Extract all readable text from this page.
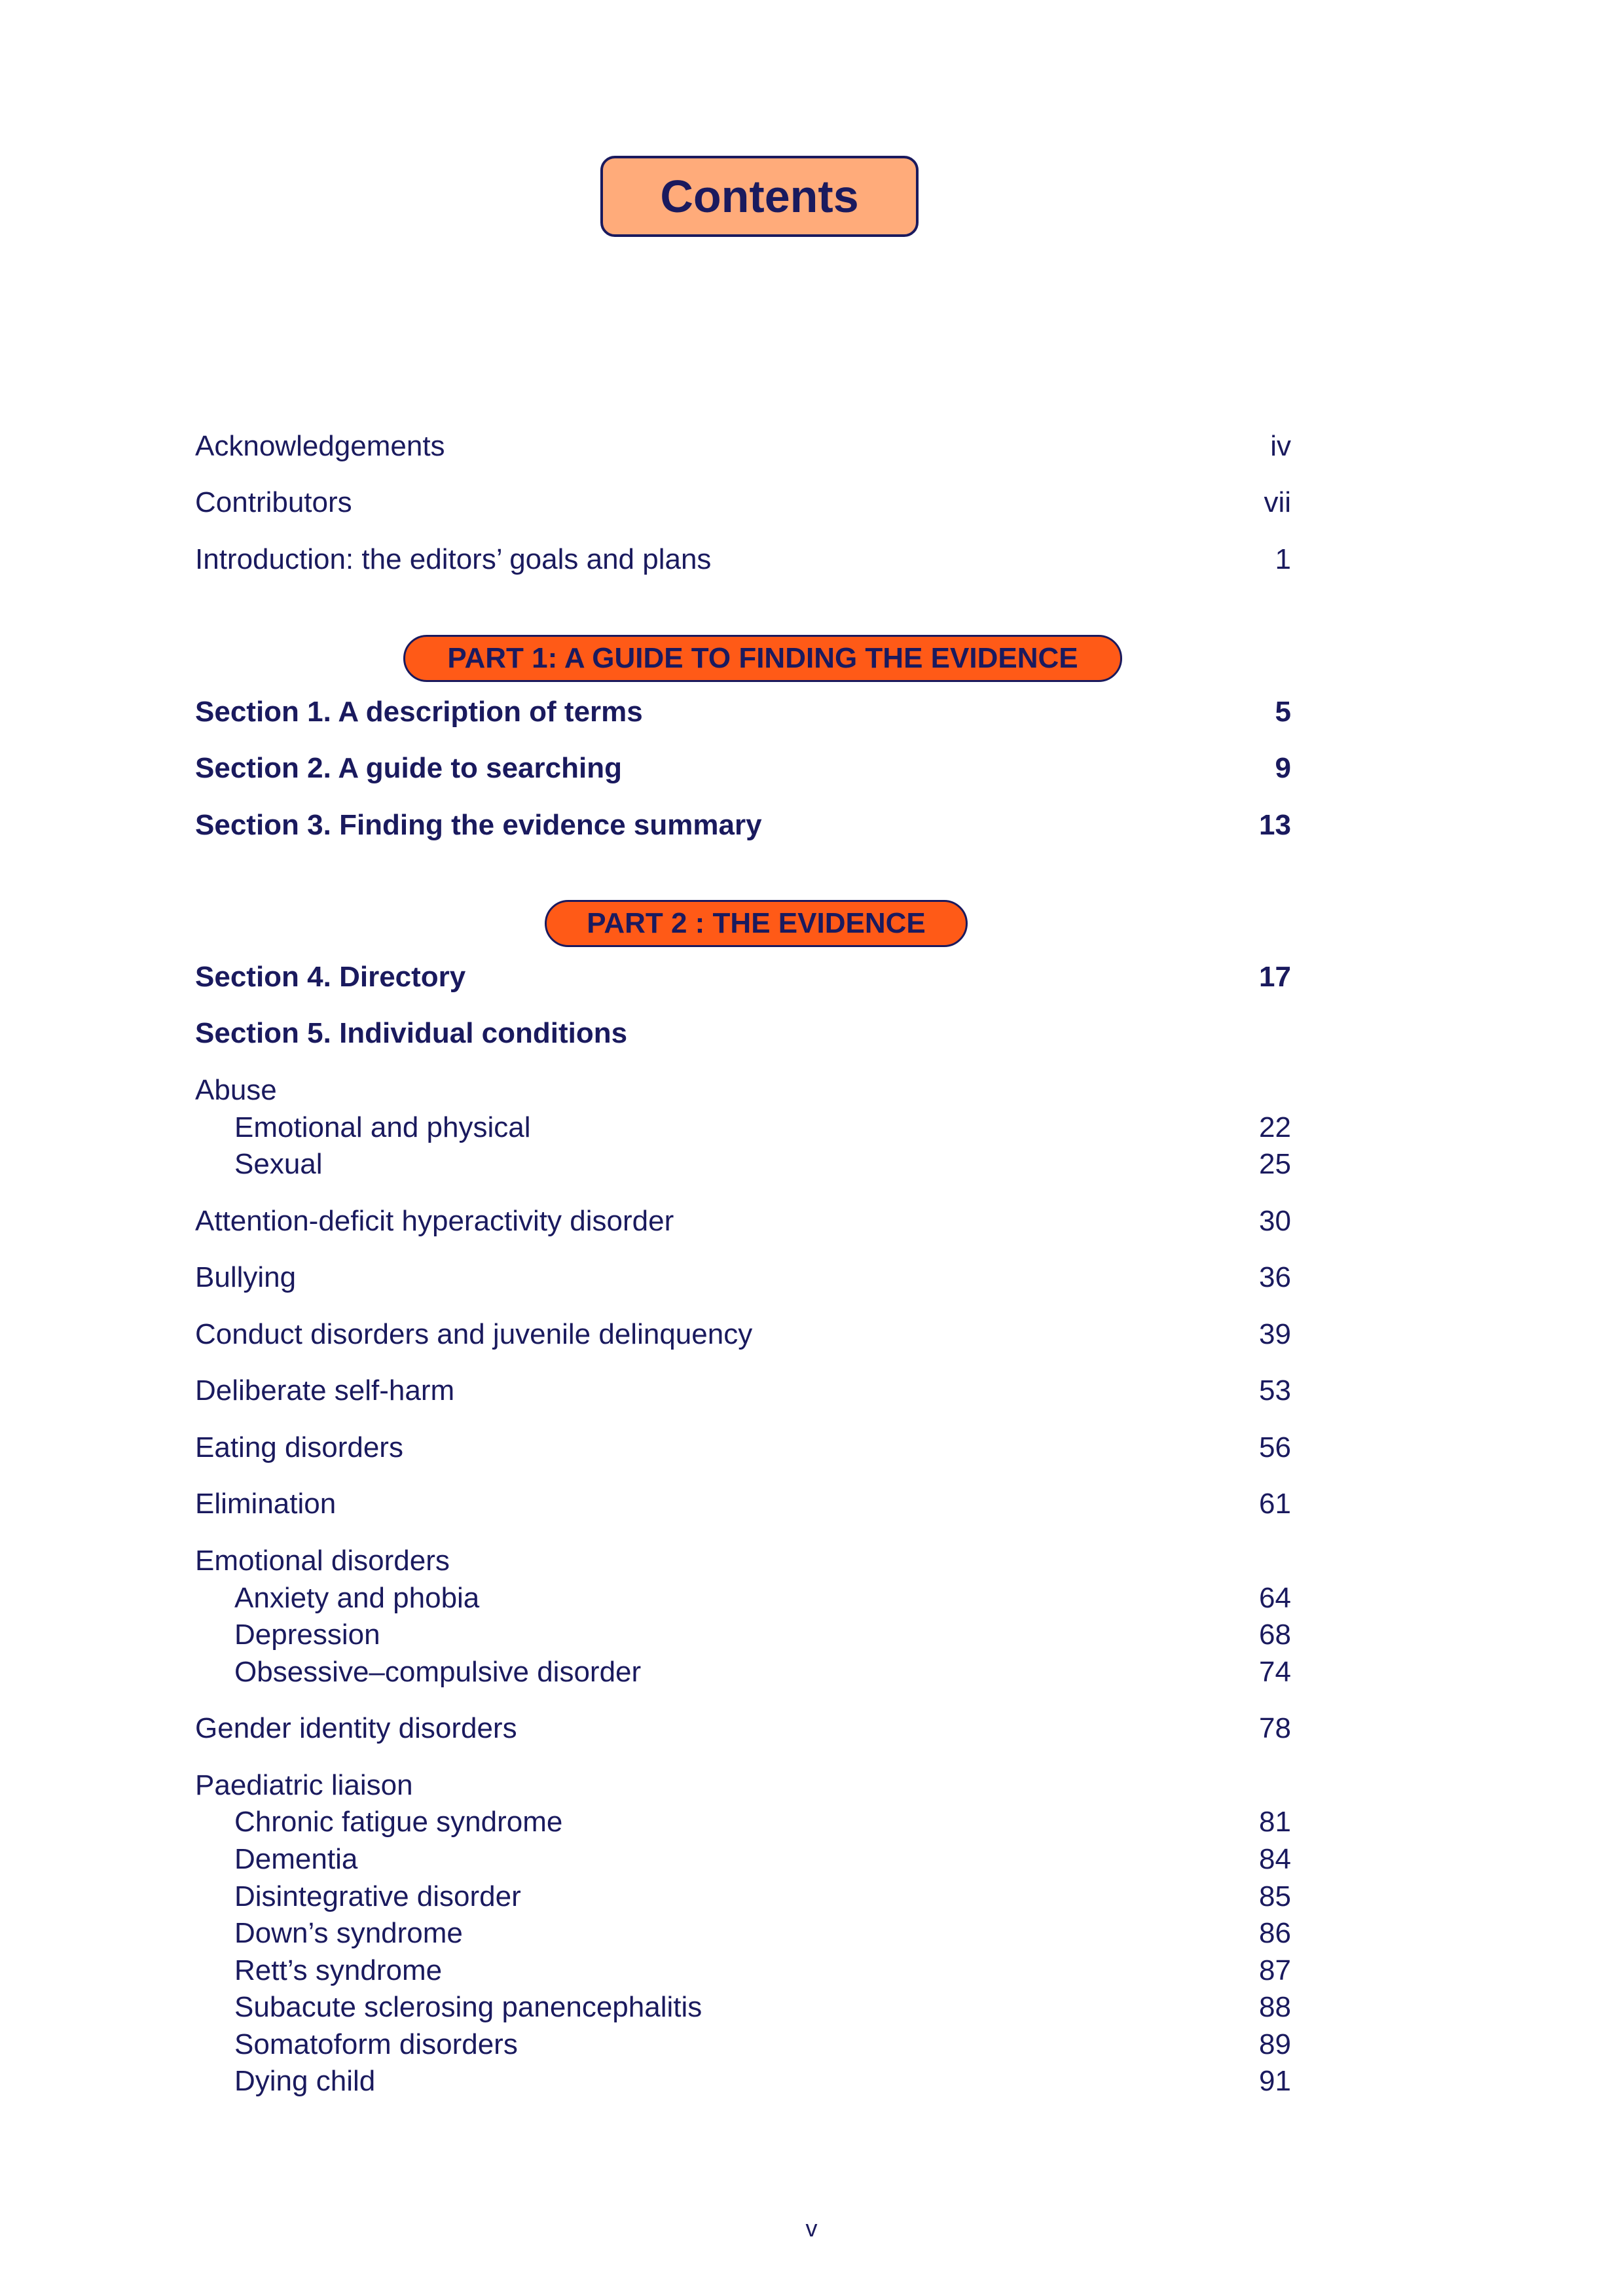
Contents
Acknowledgements	iv
Contributors	vii
Introduction: the editors’ goals and plans	1
PART 1: A GUIDE TO FINDING THE EVIDENCE
Section 1. A description of terms	5
Section 2. A guide to searching	9
Section 3. Finding the evidence summary	13
PART 2 : THE EVIDENCE
Section 4. Directory	17
Section 5. Individual conditions
Abuse
Emotional and physical	22
Sexual	25
Attention-deficit hyperactivity disorder	30
Bullying	36
Conduct disorders and juvenile delinquency	39
Deliberate self-harm	53
Eating disorders	56
Elimination	61
Emotional disorders
Anxiety and phobia	64
Depression	68
Obsessive–compulsive disorder	74
Gender identity disorders	78
Paediatric liaison
Chronic fatigue syndrome	81
Dementia	84
Disintegrative disorder	85
Down’s syndrome	86
Rett’s syndrome	87
Subacute sclerosing panencephalitis	88
Somatoform disorders	89
Dying child	91
v
